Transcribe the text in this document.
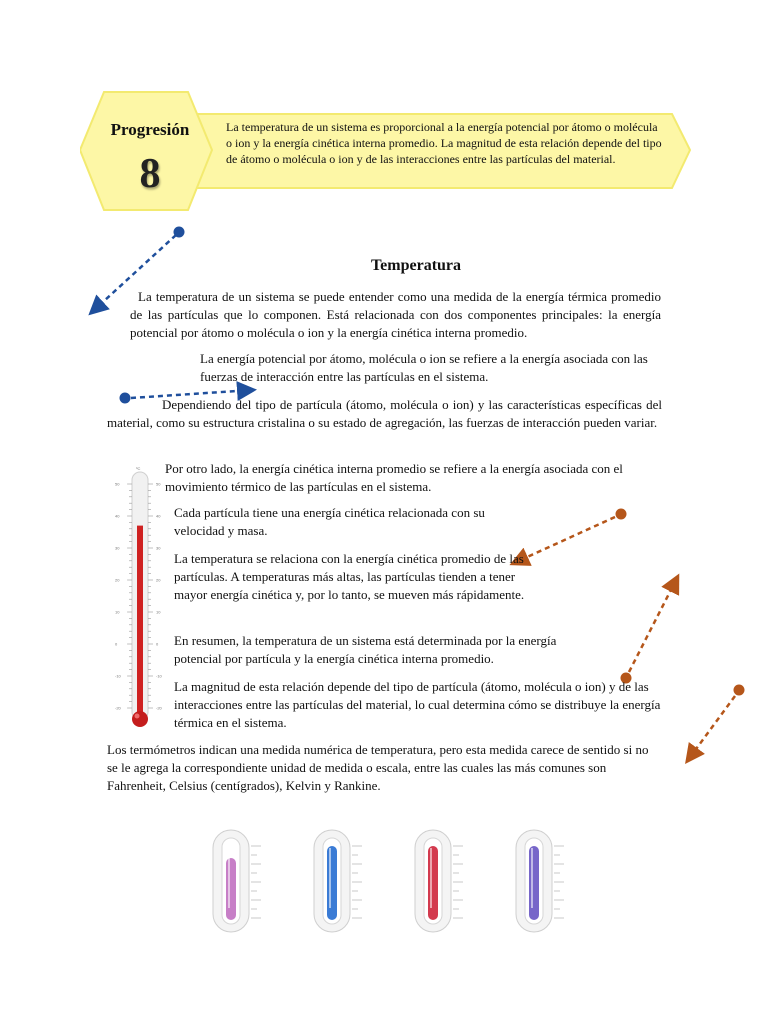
Progresión
8
La temperatura de un sistema es proporcional a la energía potencial por átomo o molécula o ion y la energía cinética interna promedio. La magnitud de esta relación depende del tipo de átomo o molécula o ion y de las interacciones entre las partículas del material.
Temperatura
La temperatura de un sistema se puede entender como una medida de la energía térmica promedio de las partículas que lo componen. Está relacionada con dos componentes principales: la energía potencial por átomo o molécula o ion y la energía cinética interna promedio.
La energía potencial por átomo, molécula o ion se refiere a la energía asociada con las fuerzas de interacción entre las partículas en el sistema.
Dependiendo del tipo de partícula (átomo, molécula o ion) y las características específicas del material, como su estructura cristalina o su estado de agregación, las fuerzas de interacción pueden variar.
Por otro lado, la energía cinética interna promedio se refiere a la energía asociada con el movimiento térmico de las partículas en el sistema.
Cada partícula tiene una energía cinética relacionada con su velocidad y masa.
La temperatura se relaciona con la energía cinética promedio de las partículas. A temperaturas más altas, las partículas tienden a tener mayor energía cinética y, por lo tanto, se mueven más rápidamente.
En resumen, la temperatura de un sistema está determinada por la energía potencial por partícula y la energía cinética interna promedio.
La magnitud de esta relación depende del tipo de partícula (átomo, molécula o ion) y de las interacciones entre las partículas del material, lo cual determina cómo se distribuye la energía térmica en el sistema.
Los termómetros indican una medida numérica de temperatura, pero esta medida carece de sentido si no se le agrega la correspondiente unidad de medida o escala, entre las cuales las más comunes son Fahrenheit, Celsius (centígrados), Kelvin y Rankine.
ºC
50	50
40	40
30	30
20	20
10	10
0	0
-10	-10
-20	-20
